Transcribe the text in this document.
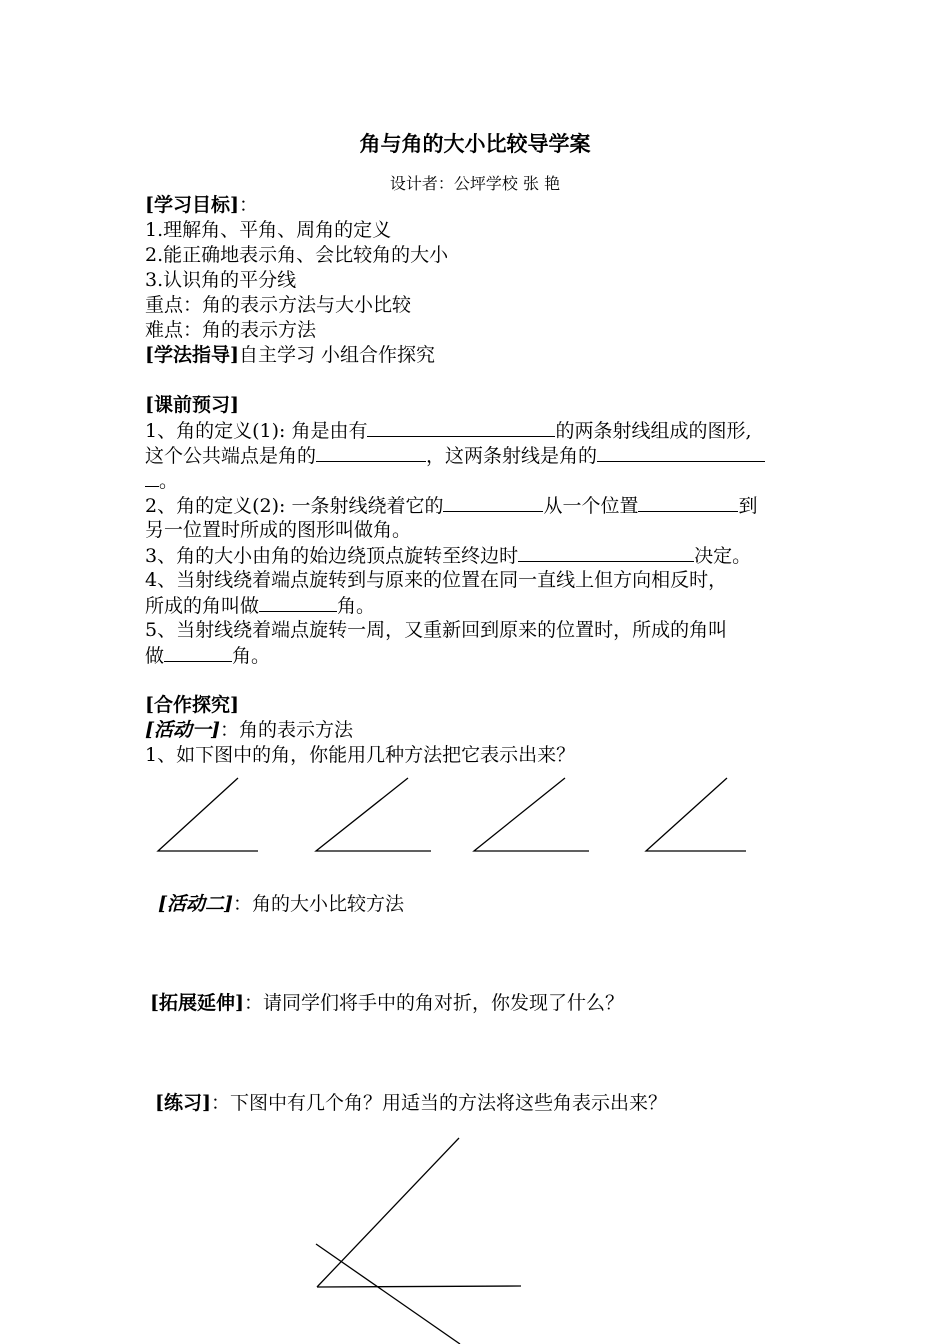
角与角的大小比较导学案
设计者：公坪学校 张 艳
[学习目标]：
1.理解角、平角、周角的定义
2.能正确地表示角、会比较角的大小
3.认识角的平分线
重点：角的表示方法与大小比较
难点：角的表示方法
[学法指导]自主学习 小组合作探究
[课前预习]
1、角的定义(1): 角是由有	的两条射线组成的图形,
这个公共端点是角的	，这两条射线是角的
。
2、角的定义(2): 一条射线绕着它的	从一个位置	到
另一位置时所成的图形叫做角。
3、角的大小由角的始边绕顶点旋转至终边时	决定。
4、当射线绕着端点旋转到与原来的位置在同一直线上但方向相反时，
所成的角叫做	角。
5、当射线绕着端点旋转一周，又重新回到原来的位置时，所成的角叫
做	角。
[合作探究]
[活动一]：角的表示方法
1、如下图中的角，你能用几种方法把它表示出来？
[活动二]：角的大小比较方法
[拓展延伸]：请同学们将手中的角对折，你发现了什么？
[练习]：下图中有几个角？用适当的方法将这些角表示出来？
